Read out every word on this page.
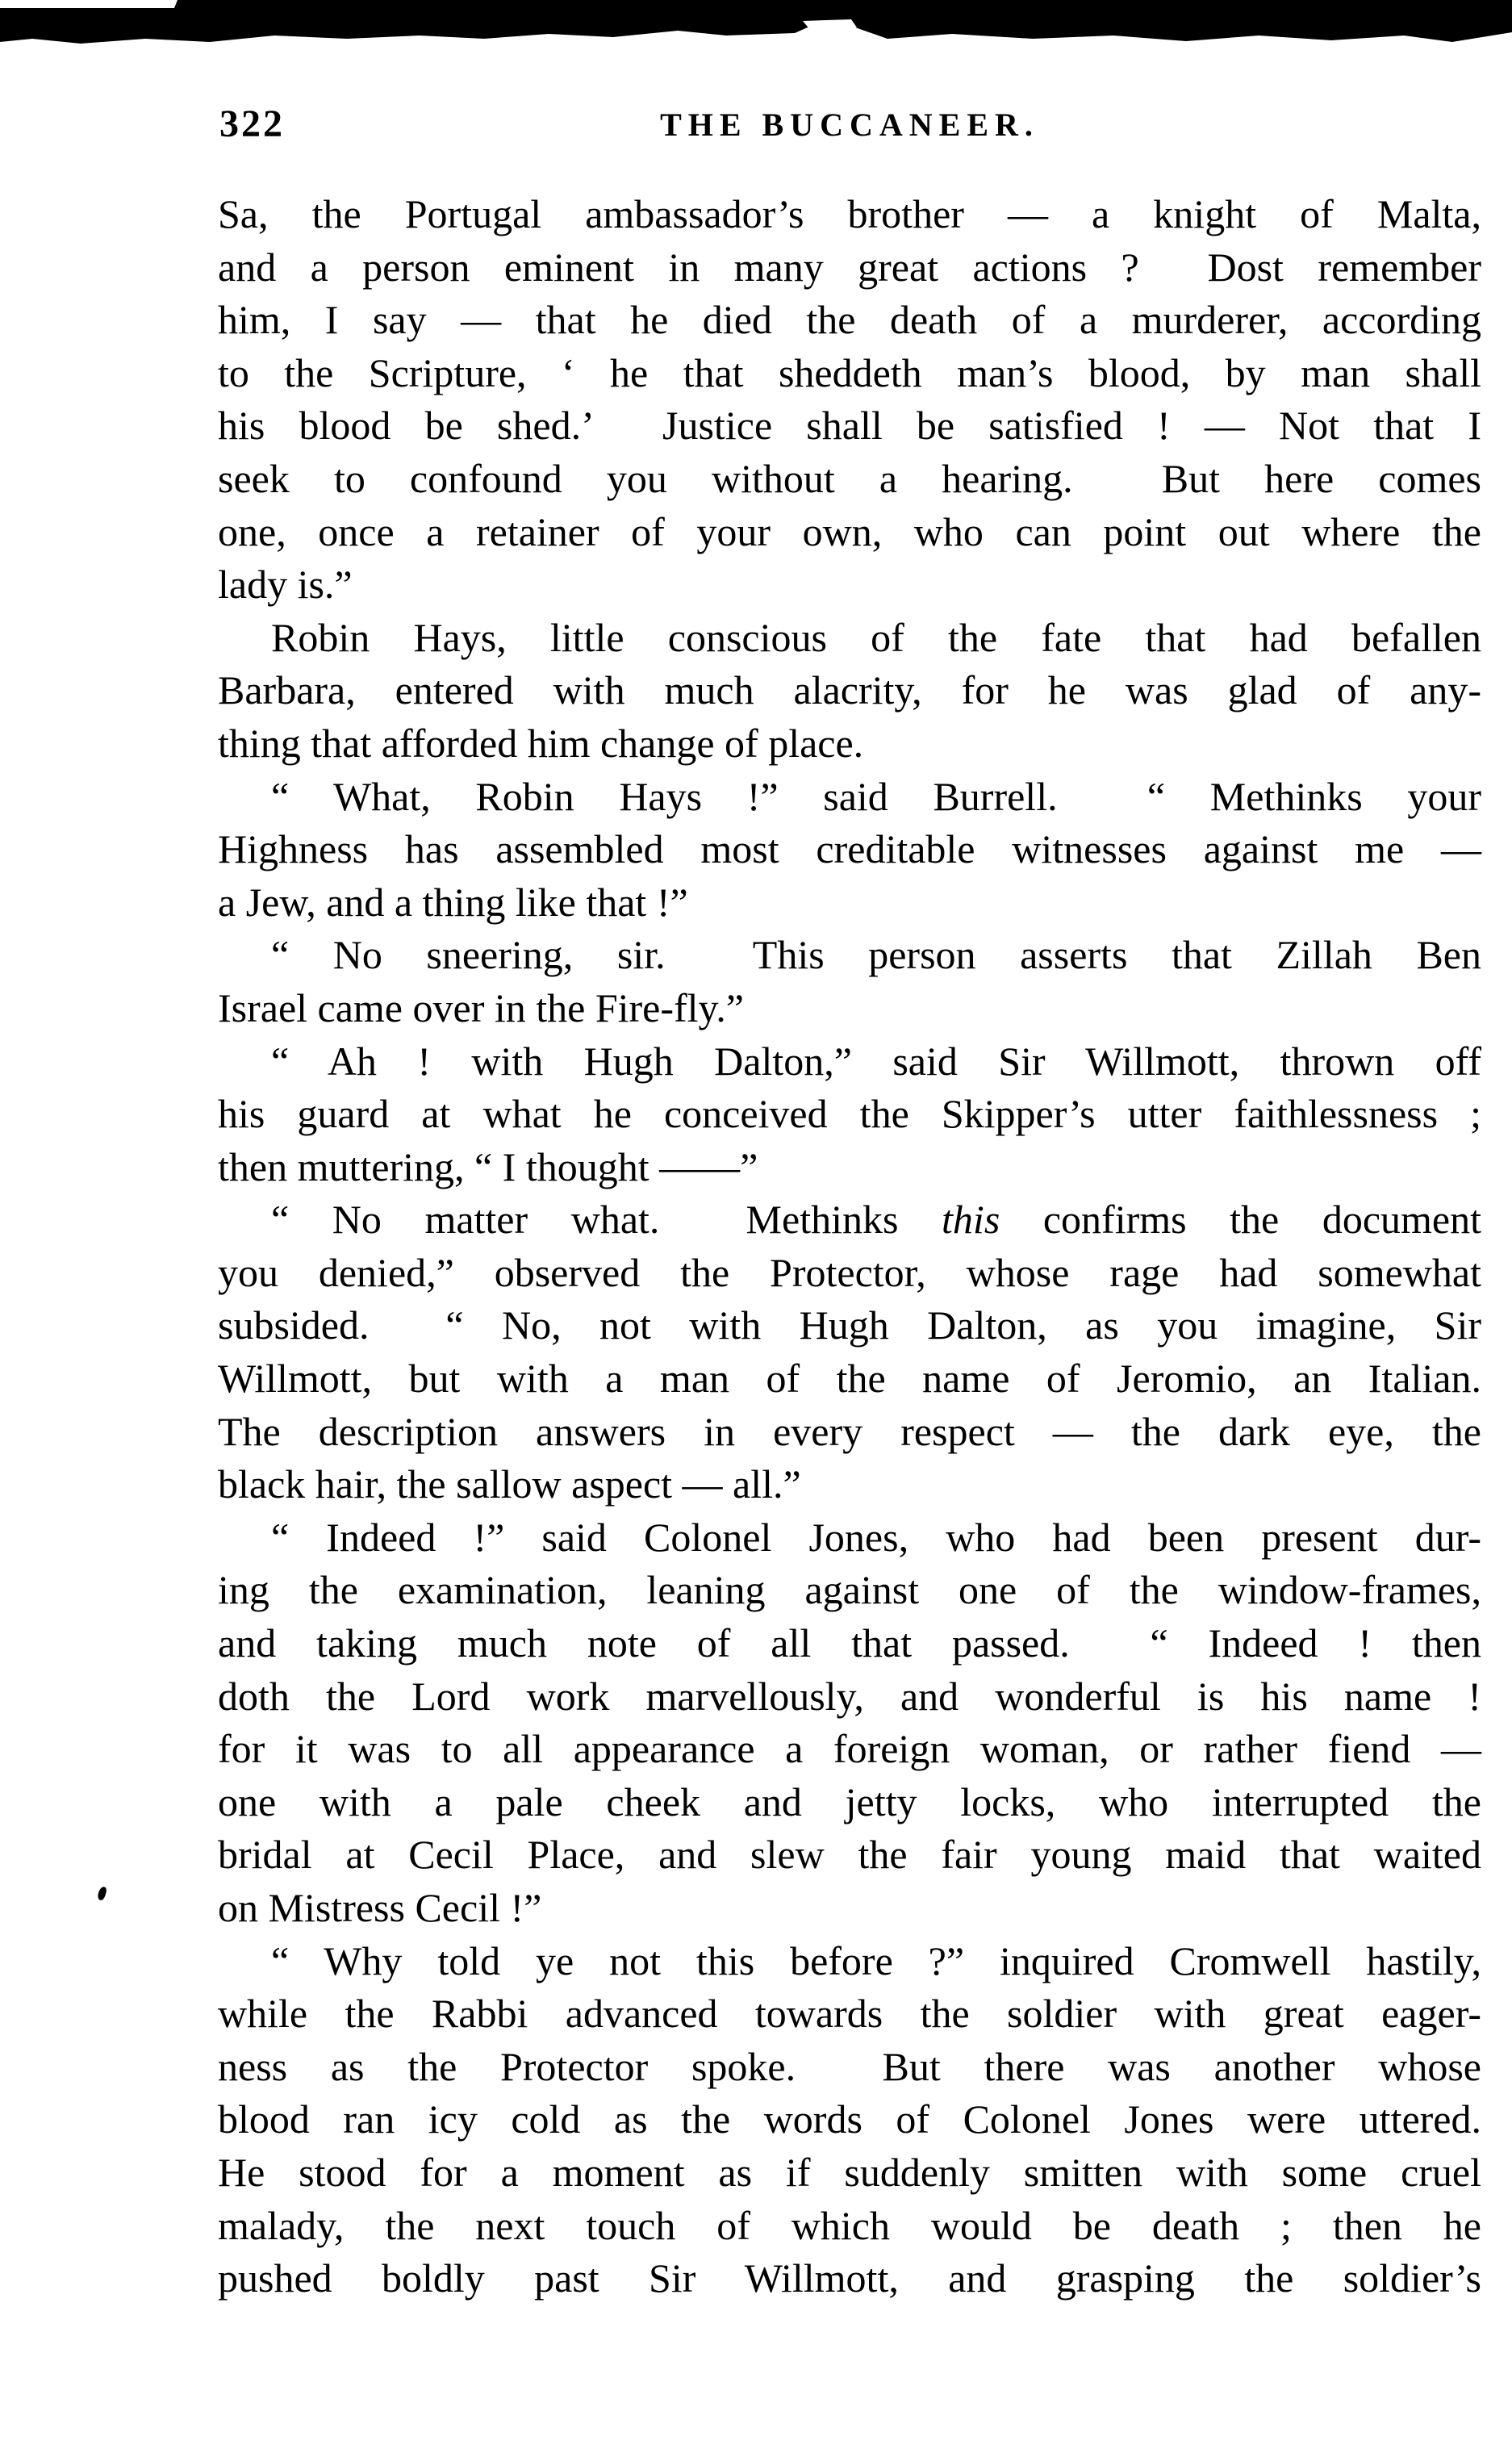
322	THE BUCCANEER.
Sa, the Portugal ambassador’s brother — a knight of Malta,
and a person eminent in many great actions ?  Dost remember
him, I say — that he died the death of a murderer, according
to the Scripture, ‘ he that sheddeth man’s blood, by man shall
his blood be shed.’  Justice shall be satisfied ! — Not that I
seek to confound you without a hearing.  But here comes
one, once a retainer of your own, who can point out where the
lady is.”
Robin Hays, little conscious of the fate that had befallen
Barbara, entered with much alacrity, for he was glad of any-
thing that afforded him change of place.
“ What, Robin Hays !” said Burrell.  “ Methinks your
Highness has assembled most creditable witnesses against me —
a Jew, and a thing like that !”
“ No sneering, sir.  This person asserts that Zillah Ben
Israel came over in the Fire-fly.”
“ Ah ! with Hugh Dalton,” said Sir Willmott, thrown off
his guard at what he conceived the Skipper’s utter faithlessness ;
then muttering, “ I thought ——”
“ No matter what.  Methinks this confirms the document
you denied,” observed the Protector, whose rage had somewhat
subsided.  “ No, not with Hugh Dalton, as you imagine, Sir
Willmott, but with a man of the name of Jeromio, an Italian.
The description answers in every respect — the dark eye, the
black hair, the sallow aspect — all.”
“ Indeed !” said Colonel Jones, who had been present dur-
ing the examination, leaning against one of the window-frames,
and taking much note of all that passed.  “ Indeed ! then
doth the Lord work marvellously, and wonderful is his name !
for it was to all appearance a foreign woman, or rather fiend —
one with a pale cheek and jetty locks, who interrupted the
bridal at Cecil Place, and slew the fair young maid that waited
on Mistress Cecil !”
“ Why told ye not this before ?” inquired Cromwell hastily,
while the Rabbi advanced towards the soldier with great eager-
ness as the Protector spoke.  But there was another whose
blood ran icy cold as the words of Colonel Jones were uttered.
He stood for a moment as if suddenly smitten with some cruel
malady, the next touch of which would be death ; then he
pushed boldly past Sir Willmott, and grasping the soldier’s
